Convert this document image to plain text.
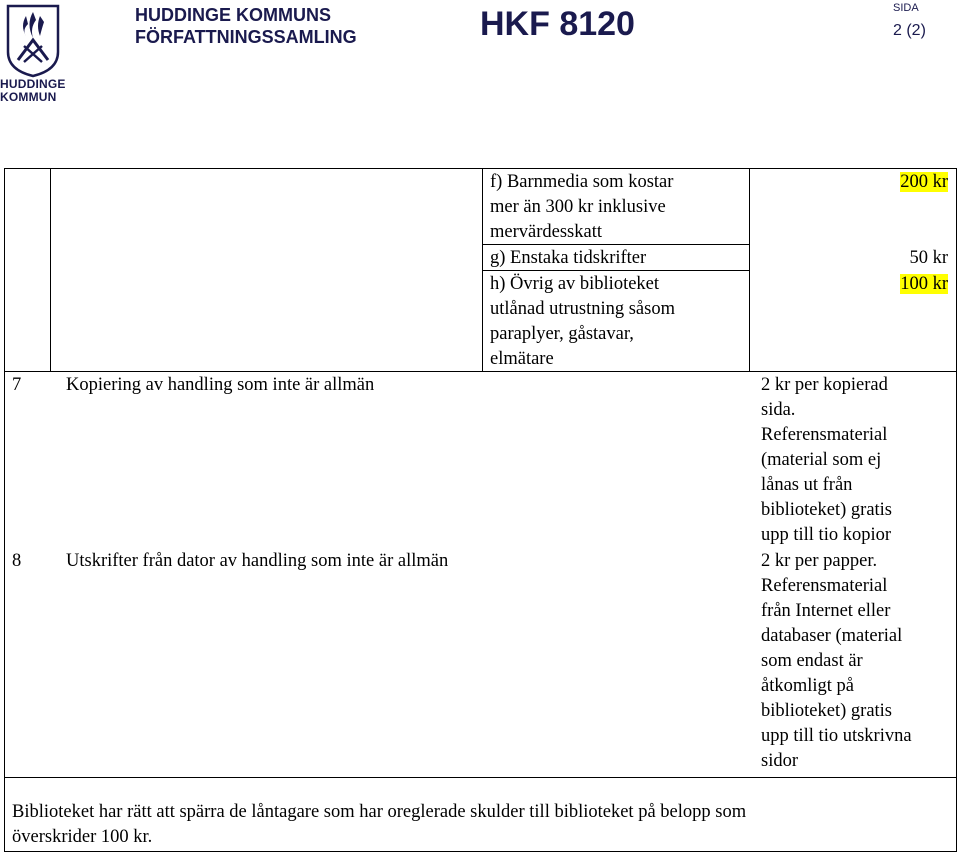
HUDDINGE
KOMMUN
HUDDINGE KOMMUNS
FÖRFATTNINGSSAMLING	HKF 8120	SIDA
2 (2)
f) Barnmedia som kostar
mer än 300 kr inklusive
mervärdesskatt
200 kr
g) Enstaka tidskrifter	50 kr
h) Övrig av biblioteket
utlånad utrustning såsom
paraplyer, gåstavar,
elmätare
100 kr
7 Kopiering av handling som inte är allmän	2 kr per kopierad
sida.
Referensmaterial
(material som ej
lånas ut från
biblioteket) gratis
upp till tio kopior
8 Utskrifter från dator av handling som inte är allmän	2 kr per papper.
Referensmaterial
från Internet eller
databaser (material
som endast är
åtkomligt på
biblioteket) gratis
upp till tio utskrivna
sidor
Biblioteket har rätt att spärra de låntagare som har oreglerade skulder till biblioteket på belopp som
överskrider 100 kr.
